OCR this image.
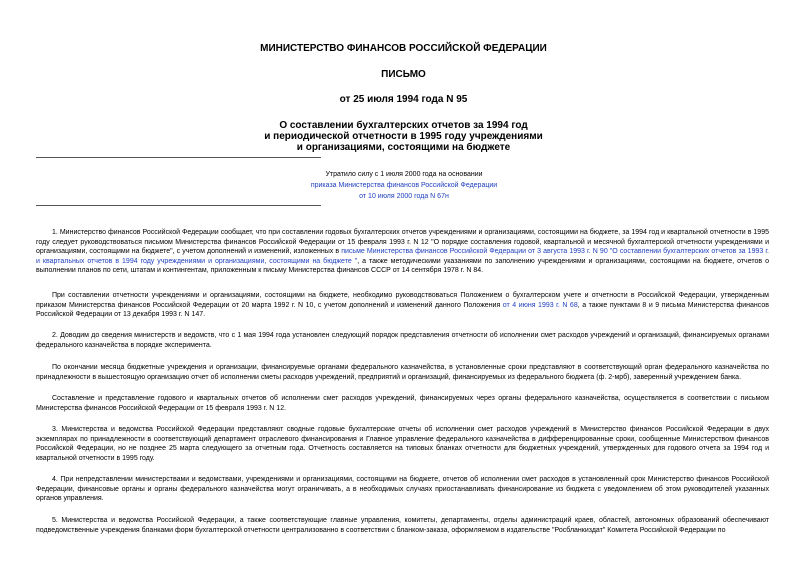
МИНИСТЕРСТВО ФИНАНСОВ РОССИЙСКОЙ ФЕДЕРАЦИИ
ПИСЬМО
от 25 июля 1994 года N 95
О составлении бухгалтерских отчетов за 1994 год
и периодической отчетности в 1995 году учреждениями
и организациями, состоящими на бюджете
Утратило силу с 1 июля 2000 года на основании
приказа Министерства финансов Российской Федерации
от 10 июля 2000 года N 67н
1. Министерство финансов Российской Федерации сообщает, что при составлении годовых бухгалтерских отчетов учреждениями и организациями, состоящими на бюджете, за 1994 год и квартальной отчетности в 1995 году следует руководствоваться письмом Министерства финансов Российской Федерации от 15 февраля 1993 г. N 12 "О порядке составления годовой, квартальной и месячной бухгалтерской отчетности учреждениями и организациями, состоящими на бюджете", с учетом дополнений и изменений, изложенных в письме Министерства финансов Российской Федерации от 3 августа 1993 г. N 90 "О составлении бухгалтерских отчетов за 1993 г. и квартальных отчетов в 1994 году учреждениями и организациями, состоящими на бюджете ", а также методическими указаниями по заполнению учреждениями и организациями, состоящими на бюджете, отчетов о выполнении планов по сети, штатам и контингентам, приложенным к письму Министерства финансов СССР от 14 сентября 1978 г. N 84.
При составлении отчетности учреждениями и организациями, состоящими на бюджете, необходимо руководствоваться Положением о бухгалтерском учете и отчетности в Российской Федерации, утвержденным приказом Министерства финансов Российской Федерации от 20 марта 1992 г. N 10, с учетом дополнений и изменений данного Положения от 4 июня 1993 г. N 68, а также пунктами 8 и 9 письма Министерства финансов Российской Федерации от 13 декабря 1993 г. N 147.
2. Доводим до сведения министерств и ведомств, что с 1 мая 1994 года установлен следующий порядок представления отчетности об исполнении смет расходов учреждений и организаций, финансируемых органами федерального казначейства в порядке эксперимента.
По окончании месяца бюджетные учреждения и организации, финансируемые органами федерального казначейства, в установленные сроки представляют в соответствующий орган федерального казначейства по принадлежности в вышестоящую организацию отчет об исполнении сметы расходов учреждений, предприятий и организаций, финансируемых из федерального бюджета (ф. 2-мрб), заверенный учреждением банка.
Составление и представление годового и квартальных отчетов об исполнении смет расходов учреждений, финансируемых через органы федерального казначейства, осуществляется в соответствии с письмом Министерства финансов Российской Федерации от 15 февраля 1993 г. N 12.
3. Министерства и ведомства Российской Федерации представляют сводные годовые бухгалтерские отчеты об исполнении смет расходов учреждений в Министерство финансов Российской Федерации в двух экземплярах по принадлежности в соответствующий департамент отраслевого финансирования и Главное управление федерального казначейства в дифференцированные сроки, сообщенные Министерством финансов Российской Федерации, но не позднее 25 марта следующего за отчетным года. Отчетность составляется на типовых бланках отчетности для бюджетных учреждений, утвержденных для годового отчета за 1994 год и квартальной отчетности в 1995 году.
4. При непредставлении министерствами и ведомствами, учреждениями и организациями, состоящими на бюджете, отчетов об исполнении смет расходов в установленный срок Министерство финансов Российской Федерации, финансовые органы и органы федерального казначейства могут ограничивать, а в необходимых случаях приостанавливать финансирование из бюджета с уведомлением об этом руководителей указанных органов управления.
5. Министерства и ведомства Российской Федерации, а также соответствующие главные управления, комитеты, департаменты, отделы администраций краев, областей, автономных образований обеспечивают подведомственные учреждения бланками форм бухгалтерской отчетности централизованно в соответствии с бланком-заказа, оформляемом в издательстве "Росбланкиздат" Комитета Российской Федерации по
